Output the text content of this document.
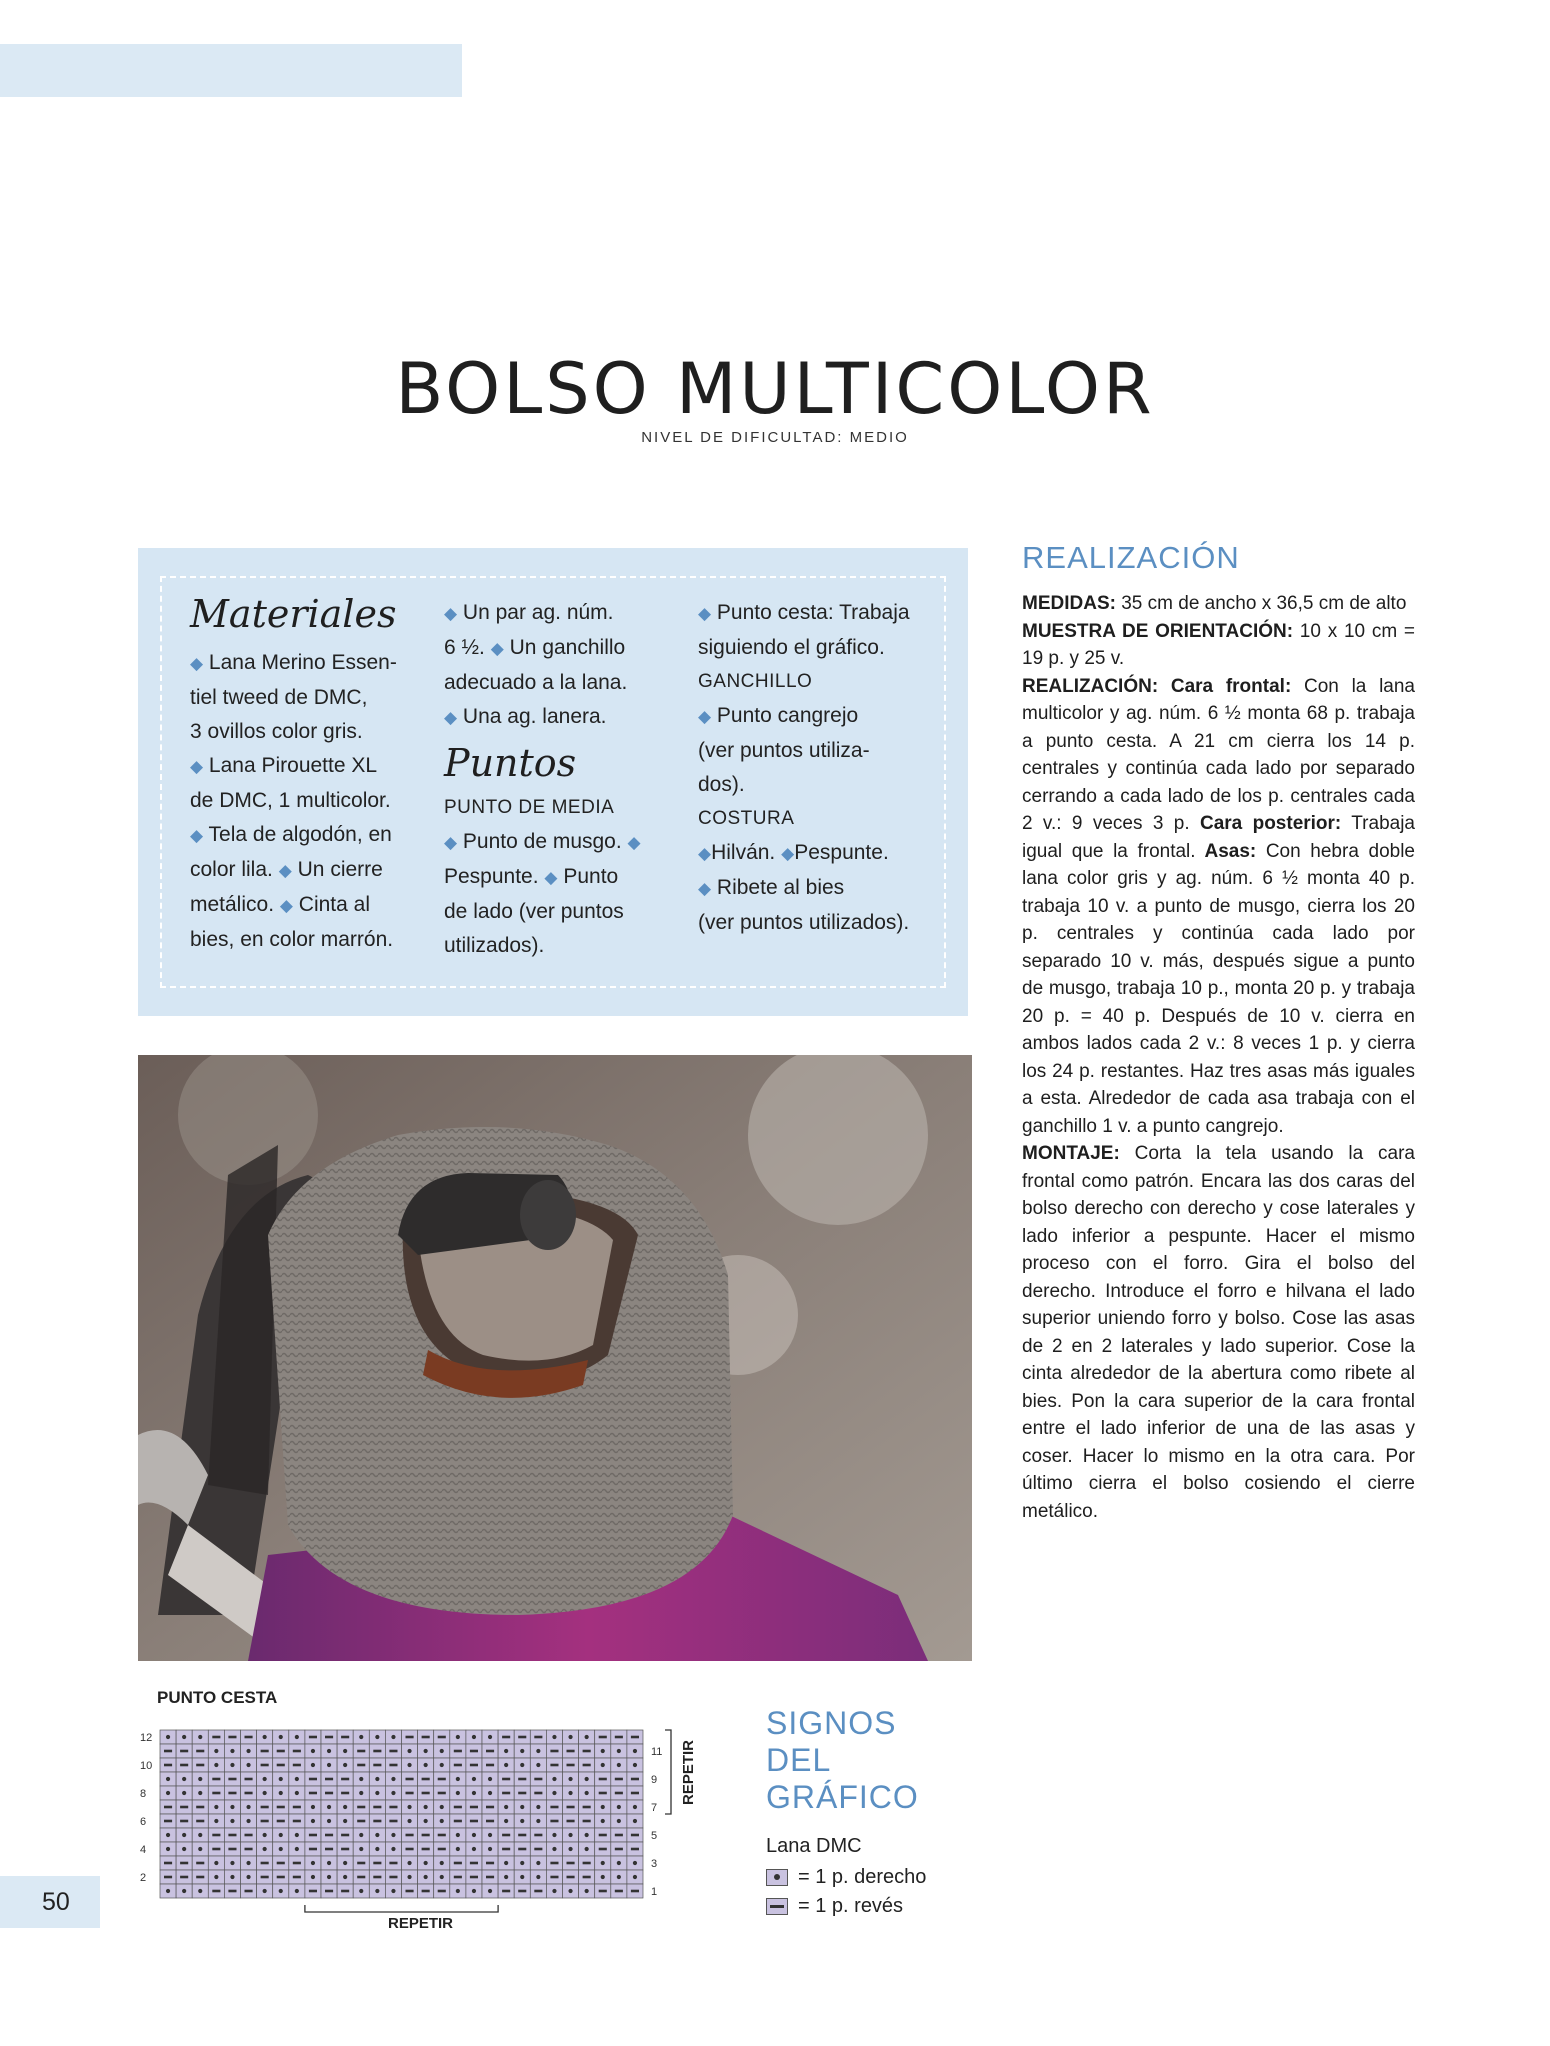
BOLSO MULTICOLOR
NIVEL DE DIFICULTAD: MEDIO
Materiales
◆ Lana Merino Essen-
tiel tweed de DMC,
3 ovillos color gris.
◆ Lana Pirouette XL
de DMC, 1 multicolor.
◆ Tela de algodón, en
color lila. ◆ Un cierre
metálico. ◆ Cinta al
bies, en color marrón.
◆ Un par ag. núm.
6 ½. ◆ Un ganchillo
adecuado a la lana.
◆ Una ag. lanera.
Puntos
PUNTO DE MEDIA
◆ Punto de musgo. ◆
Pespunte. ◆ Punto
de lado (ver puntos
utilizados).
◆ Punto cesta: Trabaja
siguiendo el gráfico.
GANCHILLO
◆ Punto cangrejo
(ver puntos utiliza-
dos).
COSTURA
◆Hilván. ◆Pespunte.
◆ Ribete al bies
(ver puntos utilizados).
REALIZACIÓN
MEDIDAS: 35 cm de ancho x 36,5 cm de alto
MUESTRA DE ORIENTACIÓN: 10 x 10 cm = 19 p. y 25 v.
REALIZACIÓN: Cara frontal: Con la lana multicolor y ag. núm. 6 ½ monta 68 p. trabaja a punto cesta. A 21 cm cierra los 14 p. centrales y continúa cada lado por separado cerrando a cada lado de los p. centrales cada 2 v.: 9 veces 3 p. Cara posterior: Trabaja igual que la frontal. Asas: Con hebra doble lana color gris y ag. núm. 6 ½ monta 40 p. trabaja 10 v. a punto de musgo, cierra los 20 p. centrales y continúa cada lado por separado 10 v. más, después sigue a punto de musgo, trabaja 10 p., monta 20 p. y trabaja 20 p. = 40 p. Después de 10 v. cierra en ambos lados cada 2 v.: 8 veces 1 p. y cierra los 24 p. restantes. Haz tres asas más iguales a esta. Alrededor de cada asa trabaja con el ganchillo 1 v. a punto cangrejo.
MONTAJE: Corta la tela usando la cara frontal como patrón. Encara las dos caras del bolso derecho con derecho y cose laterales y lado inferior a pespunte. Hacer el mismo proceso con el forro. Gira el bolso del derecho. Introduce el forro e hilvana el lado superior uniendo forro y bolso. Cose las asas de 2 en 2 laterales y lado superior. Cose la cinta alrededor de la abertura como ribete al bies. Pon la cara superior de la cara frontal entre el lado inferior de una de las asas y coser. Hacer lo mismo en la otra cara. Por último cierra el bolso cosiendo el cierre metálico.
PUNTO CESTA
12
10
8
6
4
2
11
9
7
5
3
1
REPETIR
REPETIR
SIGNOS
DEL
GRÁFICO
Lana DMC
= 1 p. derecho
= 1 p. revés
50
